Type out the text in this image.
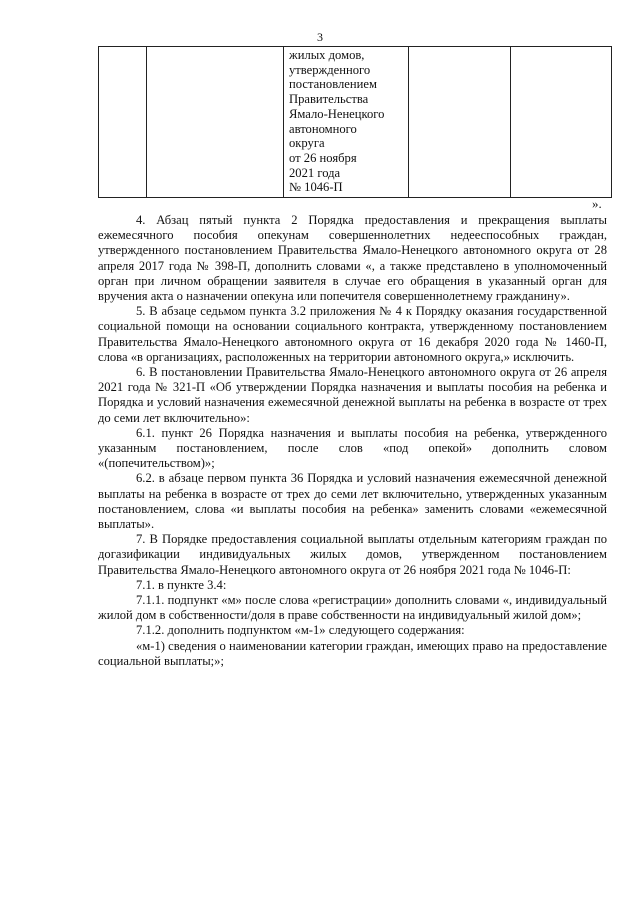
3

жилых домов,
утвержденного
постановлением
Правительства
Ямало-Ненецкого
автономного
округа
от 26 ноября
2021 года
№ 1046-П

».

4. Абзац пятый пункта 2 Порядка предоставления и прекращения выплаты ежемесячного пособия опекунам совершеннолетних недееспособных граждан, утвержденного постановлением Правительства Ямало-Ненецкого автономного округа от 28 апреля 2017 года № 398-П, дополнить словами «, а также представлено в уполномоченный орган при личном обращении заявителя в случае его обращения в указанный орган для вручения акта о назначении опекуна или попечителя совершеннолетнему гражданину».

5. В абзаце седьмом пункта 3.2 приложения № 4 к Порядку оказания государственной социальной помощи на основании социального контракта, утвержденному постановлением Правительства Ямало-Ненецкого автономного округа от 16 декабря 2020 года № 1460-П, слова «в организациях, расположенных на территории автономного округа,» исключить.

6. В постановлении Правительства Ямало-Ненецкого автономного округа от 26 апреля 2021 года № 321-П «Об утверждении Порядка назначения и выплаты пособия на ребенка и Порядка и условий назначения ежемесячной денежной выплаты на ребенка в возрасте от трех до семи лет включительно»:

6.1. пункт 26 Порядка назначения и выплаты пособия на ребенка, утвержденного указанным постановлением, после слов «под опекой» дополнить словом «(попечительством)»;

6.2. в абзаце первом пункта 36 Порядка и условий назначения ежемесячной денежной выплаты на ребенка в возрасте от трех до семи лет включительно, утвержденных указанным постановлением, слова «и выплаты пособия на ребенка» заменить словами «ежемесячной выплаты».

7. В Порядке предоставления социальной выплаты отдельным категориям граждан по догазификации индивидуальных жилых домов, утвержденном постановлением Правительства Ямало-Ненецкого автономного округа от 26 ноября 2021 года № 1046-П:

7.1. в пункте 3.4:

7.1.1. подпункт «м» после слова «регистрации» дополнить словами «, индивидуальный жилой дом в собственности/доля в праве собственности на индивидуальный жилой дом»;

7.1.2. дополнить подпунктом «м-1» следующего содержания:

«м-1) сведения о наименовании категории граждан, имеющих право на предоставление социальной выплаты;»;
